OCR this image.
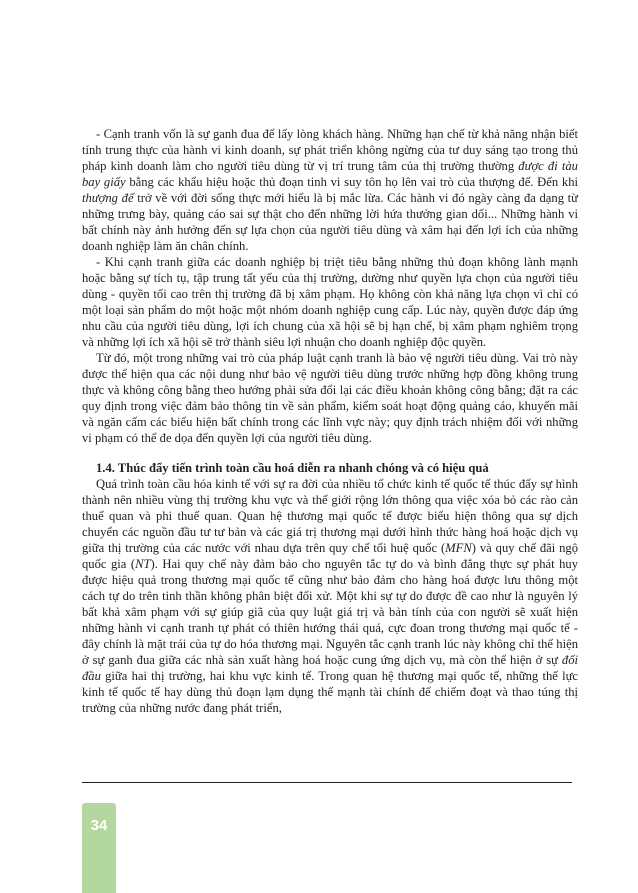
- Cạnh tranh vốn là sự ganh đua để lấy lòng khách hàng. Những hạn chế từ khả năng nhận biết tính trung thực của hành vi kinh doanh, sự phát triển không ngừng của tư duy sáng tạo trong thủ pháp kinh doanh làm cho người tiêu dùng từ vị trí trung tâm của thị trường thường được đi tàu bay giấy bằng các khẩu hiệu hoặc thủ đoạn tinh vi suy tôn họ lên vai trò của thượng đế. Đến khi thượng đế trở về với đời sống thực mới hiểu là bị mắc lừa. Các hành vi đó ngày càng đa dạng từ những trưng bày, quảng cáo sai sự thật cho đến những lời hứa thưởng gian dối... Những hành vi bất chính này ảnh hưởng đến sự lựa chọn của người tiêu dùng và xâm hại đến lợi ích của những doanh nghiệp làm ăn chân chính.

- Khi cạnh tranh giữa các doanh nghiệp bị triệt tiêu bằng những thủ đoạn không lành mạnh hoặc bằng sự tích tụ, tập trung tất yếu của thị trường, dường như quyền lựa chọn của người tiêu dùng - quyền tối cao trên thị trường đã bị xâm phạm. Họ không còn khả năng lựa chọn vì chỉ có một loại sản phẩm do một hoặc một nhóm doanh nghiệp cung cấp. Lúc này, quyền được đáp ứng nhu cầu của người tiêu dùng, lợi ích chung của xã hội sẽ bị hạn chế, bị xâm phạm nghiêm trọng và những lợi ích xã hội sẽ trở thành siêu lợi nhuận cho doanh nghiệp độc quyền.

Từ đó, một trong những vai trò của pháp luật cạnh tranh là bảo vệ người tiêu dùng. Vai trò này được thể hiện qua các nội dung như bảo vệ người tiêu dùng trước những hợp đồng không trung thực và không công bằng theo hướng phải sửa đổi lại các điều khoản không công bằng; đặt ra các quy định trong việc đảm bảo thông tin về sản phẩm, kiểm soát hoạt động quảng cáo, khuyến mãi và ngăn cấm các biểu hiện bất chính trong các lĩnh vực này; quy định trách nhiệm đối với những vi phạm có thể đe dọa đến quyền lợi của người tiêu dùng.

1.4. Thúc đẩy tiến trình toàn cầu hoá diễn ra nhanh chóng và có hiệu quả

Quá trình toàn cầu hóa kinh tế với sự ra đời của nhiều tổ chức kinh tế quốc tế thúc đẩy sự hình thành nên nhiều vùng thị trường khu vực và thế giới rộng lớn thông qua việc xóa bỏ các rào cản thuế quan và phi thuế quan. Quan hệ thương mại quốc tế được biểu hiện thông qua sự dịch chuyển các nguồn đầu tư tư bản và các giá trị thương mại dưới hình thức hàng hoá hoặc dịch vụ giữa thị trường của các nước với nhau dựa trên quy chế tối huệ quốc (MFN) và quy chế đãi ngộ quốc gia (NT). Hai quy chế này đảm bảo cho nguyên tắc tự do và bình đẳng thực sự phát huy được hiệu quả trong thương mại quốc tế cũng như bảo đảm cho hàng hoá được lưu thông một cách tự do trên tinh thần không phân biệt đối xử. Một khi sự tự do được đề cao như là nguyên lý bất khả xâm phạm với sự giúp giã của quy luật giá trị và bản tính của con người sẽ xuất hiện những hành vi cạnh tranh tự phát có thiên hướng thái quá, cực đoan trong thương mại quốc tế - đây chính là mặt trái của tự do hóa thương mại. Nguyên tắc cạnh tranh lúc này không chỉ thể hiện ở sự ganh đua giữa các nhà sản xuất hàng hoá hoặc cung ứng dịch vụ, mà còn thể hiện ở sự đối đầu giữa hai thị trường, hai khu vực kinh tế. Trong quan hệ thương mại quốc tế, những thế lực kinh tế quốc tế hay dùng thủ đoạn lạm dụng thế mạnh tài chính để chiếm đoạt và thao túng thị trường của những nước đang phát triển,

34
